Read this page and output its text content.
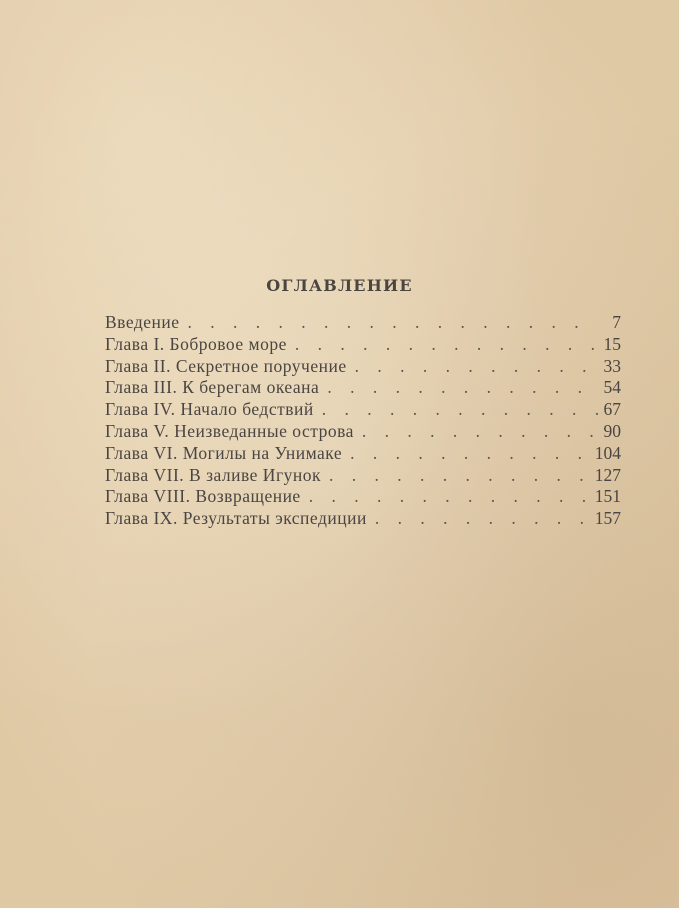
ОГЛАВЛЕНИЕ
Введение . . .	7
Глава I. Бобровое море . . .	15
Глава II. Секретное поручение . . .	33
Глава III. К берегам океана . . .	54
Глава IV. Начало бедствий . . .	67
Глава V. Неизведанные острова . . .	90
Глава VI. Могилы на Унимаке . . .	104
Глава VII. В заливе Игунок . . .	127
Глава VIII. Возвращение . . .	151
Глава IX. Результаты экспедиции . . .	157
